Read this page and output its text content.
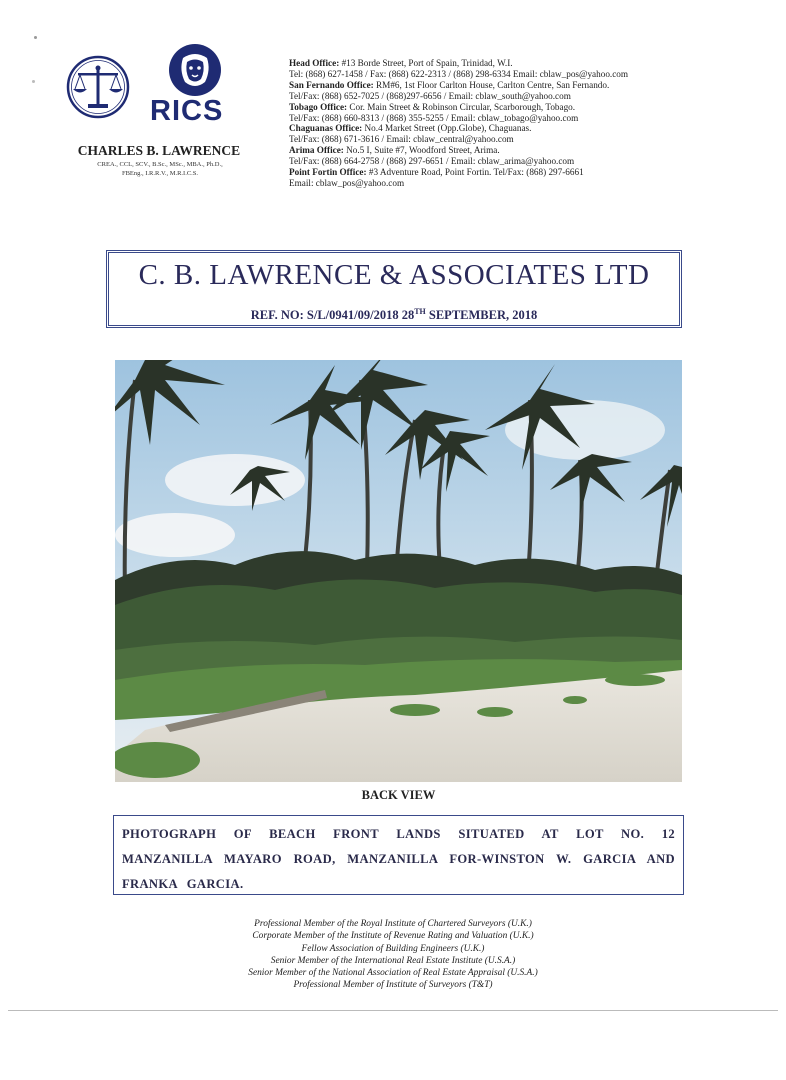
RICS
CHARLES B. LAWRENCE
CREA., CCL, SCV., B.Sc., MSc., MBA., Ph.D.,
FBEng., I.R.R.V., M.R.I.C.S.
Head Office: #13 Borde Street, Port of Spain, Trinidad, W.I.
Tel: (868) 627-1458 / Fax: (868) 622-2313 / (868) 298-6334 Email: cblaw_pos@yahoo.com
San Fernando Office: RM#6, 1st Floor Carlton House, Carlton Centre, San Fernando.
Tel/Fax: (868) 652-7025 / (868)297-6656 / Email: cblaw_south@yahoo.com
Tobago Office: Cor. Main Street & Robinson Circular, Scarborough, Tobago.
Tel/Fax: (868) 660-8313 / (868) 355-5255 / Email: cblaw_tobago@yahoo.com
Chaguanas Office: No.4 Market Street (Opp.Globe), Chaguanas.
Tel/Fax: (868) 671-3616 / Email: cblaw_central@yahoo.com
Arima Office: No.5 I, Suite #7, Woodford Street, Arima.
Tel/Fax: (868) 664-2758 / (868) 297-6651 / Email: cblaw_arima@yahoo.com
Point Fortin Office: #3 Adventure Road, Point Fortin. Tel/Fax: (868) 297-6661
Email: cblaw_pos@yahoo.com
C. B. LAWRENCE & ASSOCIATES LTD
REF. NO: S/L/0941/09/2018 28TH SEPTEMBER, 2018
BACK VIEW
PHOTOGRAPH OF BEACH FRONT LANDS SITUATED AT LOT NO. 12 MANZANILLA MAYARO ROAD, MANZANILLA FOR-WINSTON W. GARCIA AND FRANKA GARCIA.
Professional Member of the Royal Institute of Chartered Surveyors (U.K.)
Corporate Member of the Institute of Revenue Rating and Valuation (U.K.)
Fellow Association of Building Engineers (U.K.)
Senior Member of the International Real Estate Institute (U.S.A.)
Senior Member of the National Association of Real Estate Appraisal (U.S.A.)
Professional Member of Institute of Surveyors (T&T)
